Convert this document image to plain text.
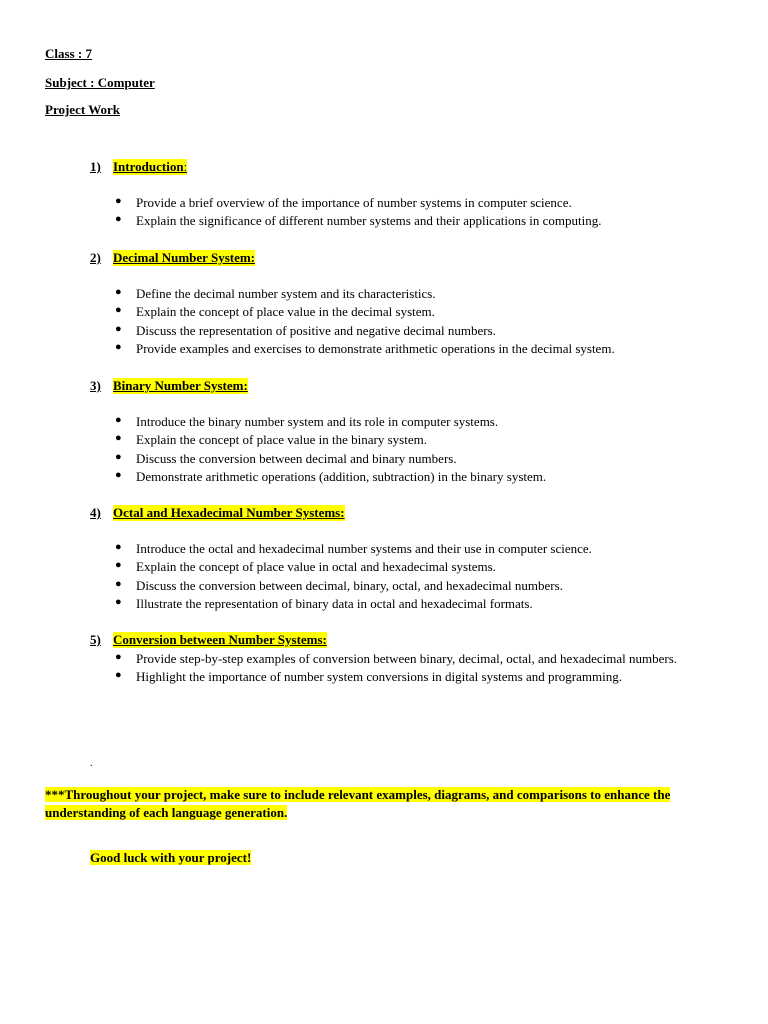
Class : 7
Subject : Computer
Project Work
1) Introduction:
● Provide a brief overview of the importance of number systems in computer science.
● Explain the significance of different number systems and their applications in computing.
2) Decimal Number System:
● Define the decimal number system and its characteristics.
● Explain the concept of place value in the decimal system.
● Discuss the representation of positive and negative decimal numbers.
● Provide examples and exercises to demonstrate arithmetic operations in the decimal system.
3) Binary Number System:
● Introduce the binary number system and its role in computer systems.
● Explain the concept of place value in the binary system.
● Discuss the conversion between decimal and binary numbers.
● Demonstrate arithmetic operations (addition, subtraction) in the binary system.
4) Octal and Hexadecimal Number Systems:
● Introduce the octal and hexadecimal number systems and their use in computer science.
● Explain the concept of place value in octal and hexadecimal systems.
● Discuss the conversion between decimal, binary, octal, and hexadecimal numbers.
● Illustrate the representation of binary data in octal and hexadecimal formats.
5) Conversion between Number Systems:
● Provide step-by-step examples of conversion between binary, decimal, octal, and hexadecimal numbers.
● Highlight the importance of number system conversions in digital systems and programming.
.
***Throughout your project, make sure to include relevant examples, diagrams, and comparisons to enhance the
understanding of each language generation.
Good luck with your project!
